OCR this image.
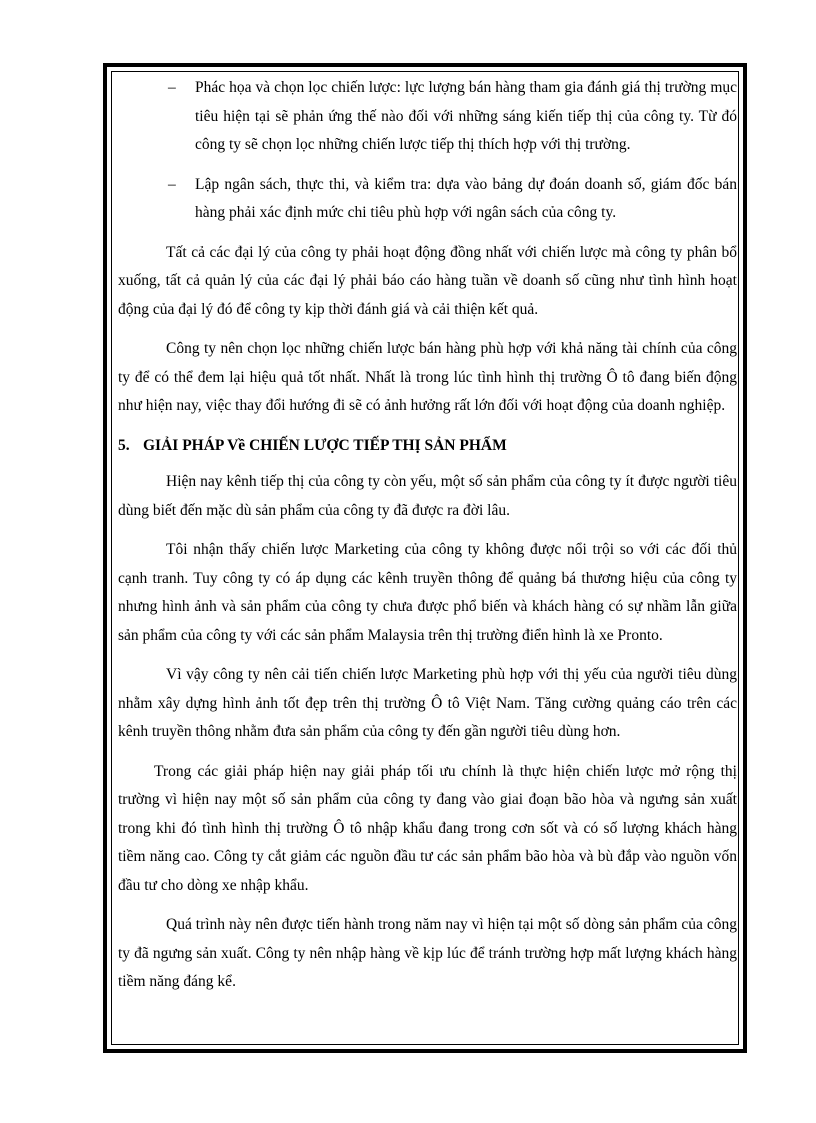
– Phác họa và chọn lọc chiến lược: lực lượng bán hàng tham gia đánh giá thị trường mục tiêu hiện tại sẽ phản ứng thế nào đối với những sáng kiến tiếp thị của công ty. Từ đó công ty sẽ chọn lọc những chiến lược tiếp thị thích hợp với thị trường.
– Lập ngân sách, thực thi, và kiểm tra: dựa vào bảng dự đoán doanh số, giám đốc bán hàng phải xác định mức chi tiêu phù hợp với ngân sách của công ty.

Tất cả các đại lý của công ty phải hoạt động đồng nhất với chiến lược mà công ty phân bổ xuống, tất cả quản lý của các đại lý phải báo cáo hàng tuần về doanh số cũng như tình hình hoạt động của đại lý đó để công ty kịp thời đánh giá và cải thiện kết quả.

Công ty nên chọn lọc những chiến lược bán hàng phù hợp với khả năng tài chính của công ty để có thể đem lại hiệu quả tốt nhất. Nhất là trong lúc tình hình thị trường Ô tô đang biến động như hiện nay, việc thay đổi hướng đi sẽ có ảnh hưởng rất lớn đối với hoạt động của doanh nghiệp.

5. GIẢI PHÁP Về CHIẾN LƯỢC TIẾP THỊ SẢN PHẨM

Hiện nay kênh tiếp thị của công ty còn yếu, một số sản phẩm của công ty ít được người tiêu dùng biết đến mặc dù sản phẩm của công ty đã được ra đời lâu.

Tôi nhận thấy chiến lược Marketing của công ty không được nổi trội so với các đối thủ cạnh tranh. Tuy công ty có áp dụng các kênh truyền thông để quảng bá thương hiệu của công ty nhưng hình ảnh và sản phẩm của công ty chưa được phổ biến và khách hàng có sự nhầm lẫn giữa sản phẩm của công ty với các sản phẩm Malaysia trên thị trường điển hình là xe Pronto.

Vì vậy công ty nên cải tiến chiến lược Marketing phù hợp với thị yếu của người tiêu dùng nhằm xây dựng hình ảnh tốt đẹp trên thị trường Ô tô Việt Nam. Tăng cường quảng cáo trên các kênh truyền thông nhằm đưa sản phẩm của công ty đến gần người tiêu dùng hơn.

Trong các giải pháp hiện nay giải pháp tối ưu chính là thực hiện chiến lược mở rộng thị trường vì hiện nay một số sản phẩm của công ty đang vào giai đoạn bão hòa và ngưng sản xuất trong khi đó tình hình thị trường Ô tô nhập khẩu đang trong cơn sốt và có số lượng khách hàng tiềm năng cao. Công ty cắt giảm các nguồn đầu tư các sản phẩm bão hòa và bù đắp vào nguồn vốn đầu tư cho dòng xe nhập khẩu.

Quá trình này nên được tiến hành trong năm nay vì hiện tại một số dòng sản phẩm của công ty đã ngưng sản xuất. Công ty nên nhập hàng về kịp lúc để tránh trường hợp mất lượng khách hàng tiềm năng đáng kể.
